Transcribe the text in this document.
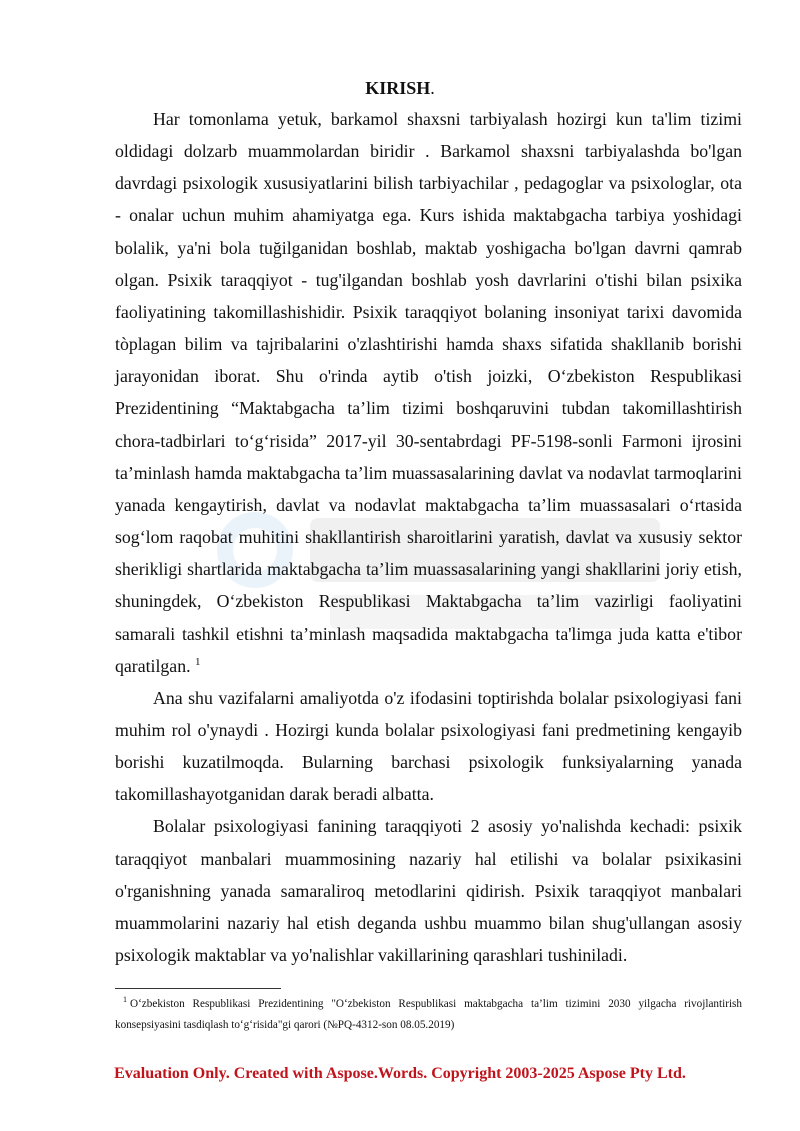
KIRISH.

Har tomonlama yetuk, barkamol shaxsni tarbiyalash hozirgi kun ta'lim tizimi oldidagi dolzarb muammolardan biridir . Barkamol shaxsni tarbiyalashda bo'lgan davrdagi psixologik xususiyatlarini bilish tarbiyachilar , pedagoglar va psixologlar, ota - onalar uchun muhim ahamiyatga ega. Kurs ishida maktabgacha tarbiya yoshidagi bolalik, ya'ni bola tuğilganidan boshlab, maktab yoshigacha bo'lgan davrni qamrab olgan. Psixik taraqqiyot - tug'ilgandan boshlab yosh davrlarini o'tishi bilan psixika faoliyatining takomillashishidir. Psixik taraqqiyot bolaning insoniyat tarixi davomida tòplagan bilim va tajribalarini o'zlashtirishi hamda shaxs sifatida shakllanib borishi jarayonidan iborat. Shu o'rinda aytib o'tish joizki, O‘zbekiston Respublikasi Prezidentining “Maktabgacha ta’lim tizimi boshqaruvini tubdan takomillashtirish chora-tadbirlari to‘g‘risida” 2017-yil 30-sentabrdagi PF-5198-sonli Farmoni ijrosini ta’minlash hamda maktabgacha ta’lim muassasalarining davlat va nodavlat tarmoqlarini yanada kengaytirish, davlat va nodavlat maktabgacha ta’lim muassasalari o‘rtasida sog‘lom raqobat muhitini shakllantirish sharoitlarini yaratish, davlat va xususiy sektor sherikligi shartlarida maktabgacha ta’lim muassasalarining yangi shakllarini joriy etish, shuningdek, O‘zbekiston Respublikasi Maktabgacha ta’lim vazirligi faoliyatini samarali tashkil etishni ta’minlash maqsadida maktabgacha ta'limga juda katta e'tibor qaratilgan. $^1$

Ana shu vazifalarni amaliyotda o'z ifodasini toptirishda bolalar psixologiyasi fani muhim rol o'ynaydi . Hozirgi kunda bolalar psixologiyasi fani predmetining kengayib borishi kuzatilmoqda. Bularning barchasi psixologik funksiyalarning yanada takomillashayotganidan darak beradi albatta.

Bolalar psixologiyasi fanining taraqqiyoti 2 asosiy yo'nalishda kechadi: psixik taraqqiyot manbalari muammosining nazariy hal etilishi va bolalar psixikasini o'rganishning yanada samaraliroq metodlarini qidirish. Psixik taraqqiyot manbalari muammolarini nazariy hal etish deganda ushbu muammo bilan shug'ullangan asosiy psixologik maktablar va yo'nalishlar vakillarining qarashlari tushiniladi.

$^1$ O‘zbekiston Respublikasi Prezidentining "O‘zbekiston Respublikasi maktabgacha ta’lim tizimini 2030 yilgacha rivojlantirish konsepsiyasini tasdiqlash to‘g‘risida"gi qarori (№PQ-4312-son 08.05.2019)
Evaluation Only. Created with Aspose.Words. Copyright 2003-2025 Aspose Pty Ltd.
